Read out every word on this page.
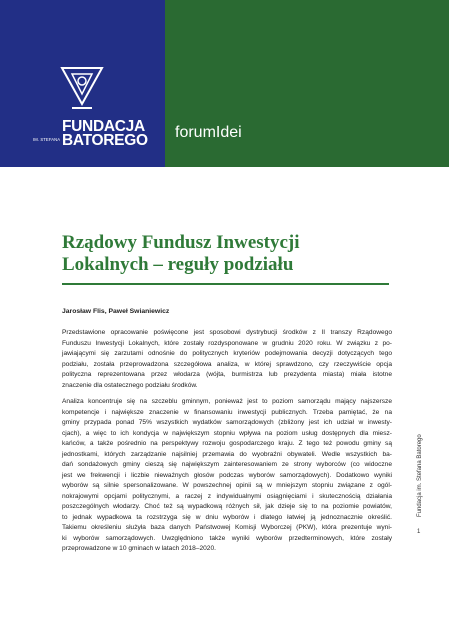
FUNDACJA
IM. STEFANA BATOREGO forumIdei
Rządowy Fundusz Inwestycji
Lokalnych – reguły podziału
Jarosław Flis, Paweł Swianiewicz
Przedstawione opracowanie poświęcone jest sposobowi dystrybucji środków z II transzy Rządowego
Funduszu Inwestycji Lokalnych, które zostały rozdysponowane w grudniu 2020 roku. W związku z po-
jawiającymi się zarzutami odnośnie do politycznych kryteriów podejmowania decyzji dotyczących tego
podziału, została przeprowadzona szczegółowa analiza, w której sprawdzono, czy rzeczywiście opcja
polityczna reprezentowana przez włodarza (wójta, burmistrza lub prezydenta miasta) miała istotne
znaczenie dla ostatecznego podziału środków.
Analiza koncentruje się na szczeblu gminnym, ponieważ jest to poziom samorządu mający najszersze
kompetencje i największe znaczenie w finansowaniu inwestycji publicznych. Trzeba pamiętać, że na
gminy przypada ponad 75% wszystkich wydatków samorządowych (zbliżony jest ich udział w inwesty-
cjach), a więc to ich kondycja w największym stopniu wpływa na poziom usług dostępnych dla miesz-
kańców, a także pośrednio na perspektywy rozwoju gospodarczego kraju. Z tego też powodu gminy są
jednostkami, których zarządzanie najsilniej przemawia do wyobraźni obywateli. Wedle wszystkich ba-
dań sondażowych gminy cieszą się największym zainteresowaniem ze strony wyborców (co widoczne
jest we frekwencji i liczbie nieważnych głosów podczas wyborów samorządowych). Dodatkowo wyniki
wyborów są silnie spersonalizowane. W powszechnej opinii są w mniejszym stopniu związane z ogól-
nokrajowymi opcjami politycznymi, a raczej z indywidualnymi osiągnięciami i skutecznością działania
poszczególnych włodarzy. Choć też są wypadkową różnych sił, jak dzieje się to na poziomie powiatów,
to jednak wypadkowa ta rozstrzyga się w dniu wyborów i dlatego łatwiej ją jednoznacznie określić.
Takiemu określeniu służyła baza danych Państwowej Komisji Wyborczej (PKW), która prezentuje wyni-
ki wyborów samorządowych. Uwzględniono także wyniki wyborów przedterminowych, które zostały
przeprowadzone w 10 gminach w latach 2018–2020.
Fundacja im. Stefana Batorego
1
